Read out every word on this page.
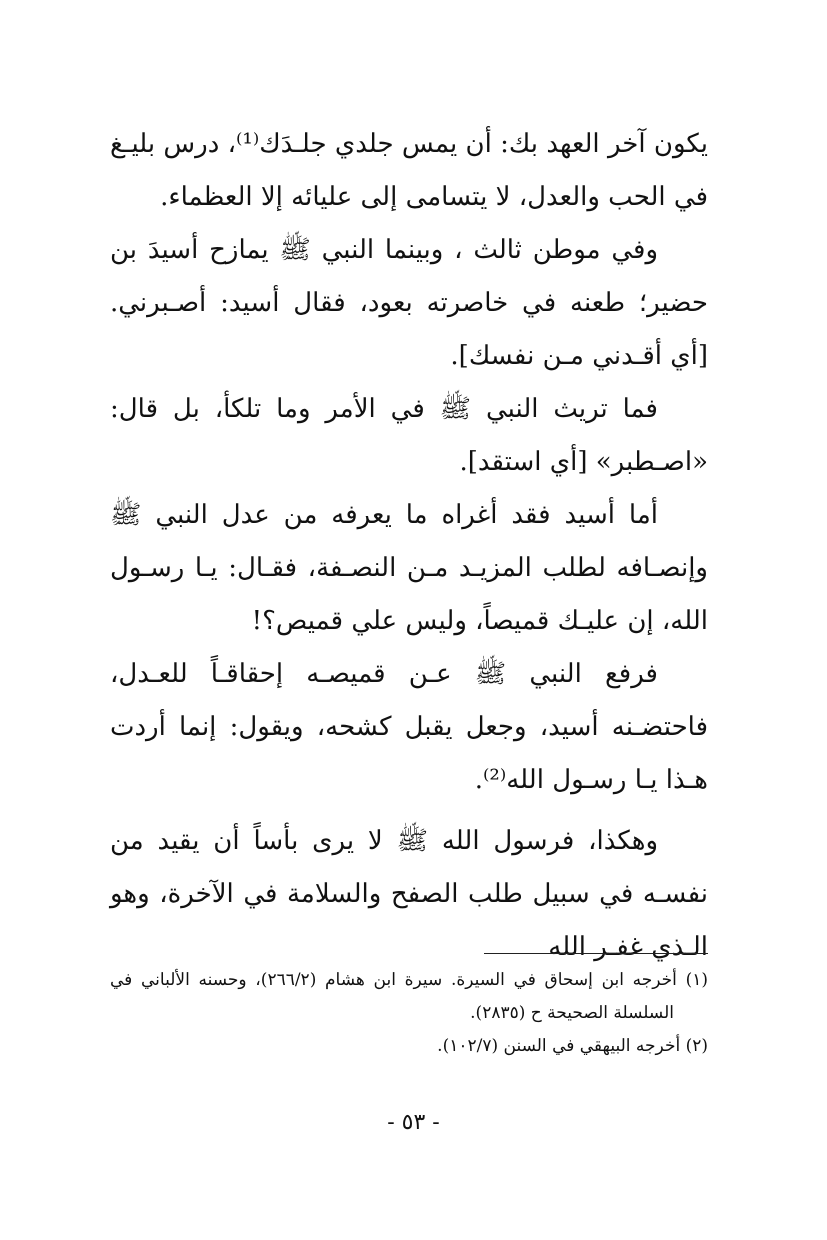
يكون آخر العهد بك: أن يمس جلدي جلـدَك⁽¹⁾، درس بليـغ في الحب والعدل، لا يتسامى إلى عليائه إلا العظماء.

وفي موطن ثالث ، وبينما النبي ﷺ يمازح أسيدَ بن حضير؛ طعنه في خاصرته بعود، فقال أسيد: أصـبرني. [أي أقـدني مـن نفسك].

فما تريث النبي ﷺ في الأمر وما تلكأ، بل قال: «اصـطبر» [أي استقد].

أما أسيد فقد أغراه ما يعرفه من عدل النبي ﷺ وإنصـافه لطلب المزيـد مـن النصـفة، فقـال: يـا رسـول الله، إن عليـك قميصاً، وليس علي قميص؟!

فرفع النبي ﷺ عـن قميصـه إحقاقـاً للعـدل، فاحتضـنه أسيد، وجعل يقبل كشحه، ويقول: إنما أردت هـذا يـا رسـول الله⁽²⁾.

وهكذا، فرسول الله ﷺ لا يرى بأساً أن يقيد من نفسـه في سبيل طلب الصفح والسلامة في الآخرة، وهو الـذي غفـر الله

(١) أخرجه ابن إسحاق في السيرة. سيرة ابن هشام (٢٦٦/٢)، وحسنه الألباني في السلسلة الصحيحة ح (٢٨٣٥).

(٢) أخرجه البيهقي في السنن (١٠٢/٧).

- ٥٣ -
